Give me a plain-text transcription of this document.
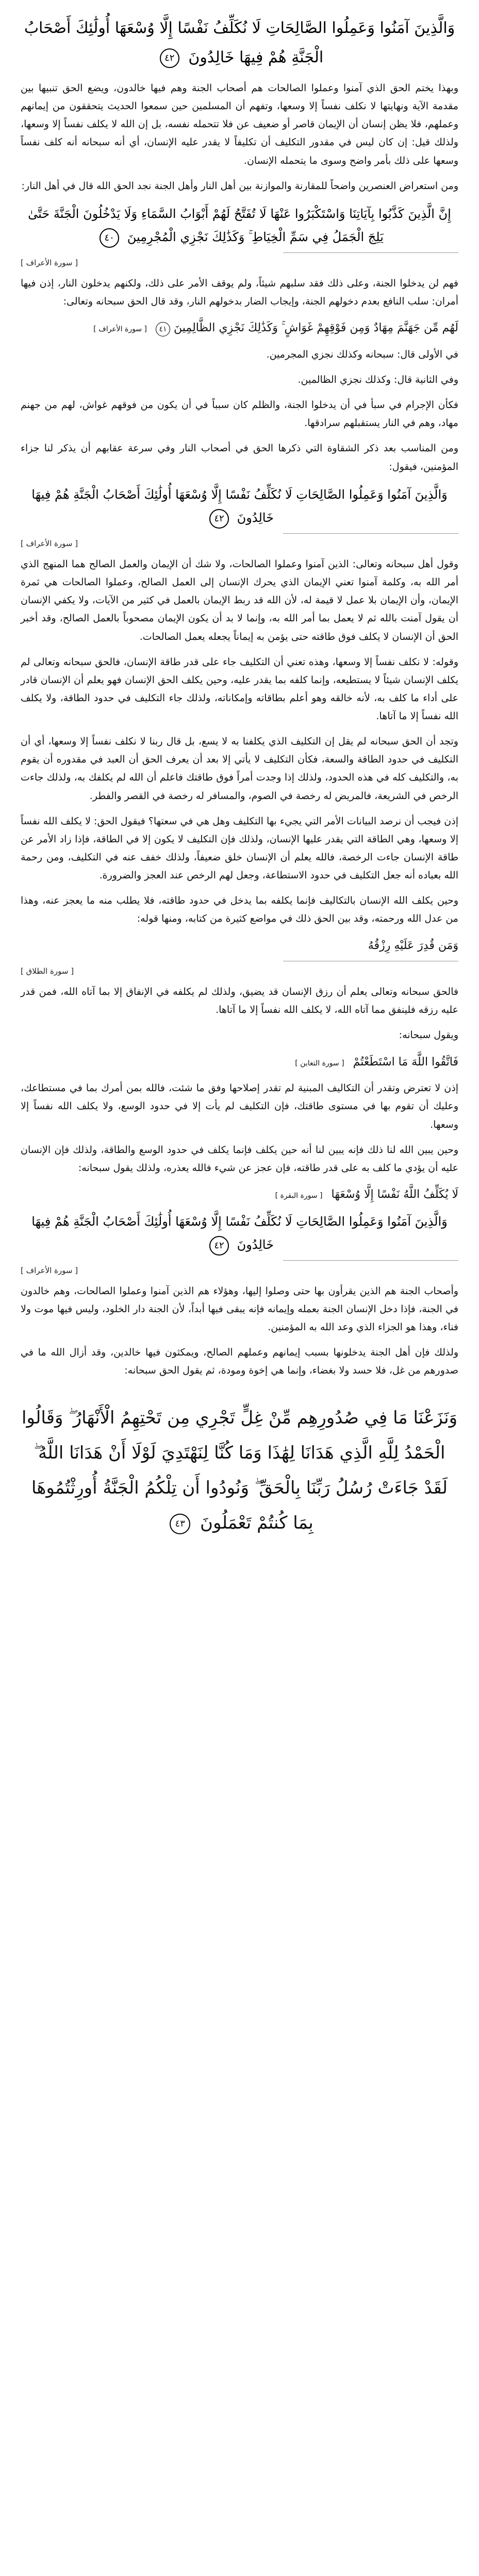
وَالَّذِينَ آمَنُوا وَعَمِلُوا الصَّالِحَاتِ لَا نُكَلِّفُ نَفْسًا إِلَّا وُسْعَهَا أُولَٰئِكَ أَصْحَابُ الْجَنَّةِ هُمْ فِيهَا خَالِدُونَ ٤٢

وبهذا يختم الحق الذي آمنوا وعملوا الصالحات هم أصحاب الجنة وهم فيها خالدون، ويضع الحق تنبيها بين مقدمة الآية ونهايتها لا نكلف نفساً إلا وسعها، وتفهم أن المسلمين حين سمعوا الحديث يتحققون من إيمانهم وعملهم، فلا يظن إنسان أن الإيمان قاصر أو ضعيف عن فلا تتحمله نفسه، بل إن الله لا يكلف نفساً إلا وسعها، ولذلك قيل: إن كان ليس في مقدور التكليف أن تكليفاً لا يقدر عليه الإنسان، أي أنه سبحانه أنه كلف نفساً وسعها على ذلك بأمر واضح وسوى ما يتحمله الإنسان.

ومن استعراض العنصرين واضحاً للمقارنة والموازنة بين أهل النار وأهل الجنة نجد الحق الله قال في أهل النار:

إِنَّ الَّذِينَ كَذَّبُوا بِآيَاتِنَا وَاسْتَكْبَرُوا عَنْهَا لَا تُفَتَّحُ لَهُمْ أَبْوَابُ السَّمَاءِ وَلَا يَدْخُلُونَ الْجَنَّةَ حَتَّىٰ يَلِجَ الْجَمَلُ فِي سَمِّ الْخِيَاطِ ۚ وَكَذَٰلِكَ نَجْزِي الْمُجْرِمِينَ ٤٠
[ سورة الأعراف ]

فهم لن يدخلوا الجنة، وعلى ذلك فقد سلبهم شيئاً، ولم يوقف الأمر على ذلك، ولكنهم يدخلون النار، إذن فيها أمران: سلب النافع بعدم دخولهم الجنة، وإيجاب الضار بدخولهم النار، وقد قال الحق سبحانه وتعالى:

لَهُم مِّن جَهَنَّمَ مِهَادٌ وَمِن فَوْقِهِمْ غَوَاشٍ ۚ وَكَذَٰلِكَ نَجْزِي الظَّالِمِينَ ٤١ [ سورة الأعراف ]

في الأولى قال: سبحانه وكذلك نجزي المجرمين.

وفي الثانية قال: وكذلك نجزي الظالمين.

فكأن الإجرام في سبأ في أن يدخلوا الجنة، والظلم كان سبباً في أن يكون من فوقهم غواش، لهم من جهنم مهاد، وهم في النار يستقبلهم سرادقها.

ومن المناسب بعد ذكر الشقاوة التي ذكرها الحق في أصحاب النار وفي سرعة عقابهم أن يذكر لنا جزاء المؤمنين، فيقول:

وَالَّذِينَ آمَنُوا وَعَمِلُوا الصَّالِحَاتِ لَا نُكَلِّفُ نَفْسًا إِلَّا وُسْعَهَا أُولَٰئِكَ أَصْحَابُ الْجَنَّةِ هُمْ فِيهَا خَالِدُونَ ٤٢
[ سورة الأعراف ]

وقول أهل سبحانه وتعالى: الذين آمنوا وعملوا الصالحات، ولا شك أن الإيمان والعمل الصالح هما المنهج الذي أمر الله به، وكلمة آمنوا تعني الإيمان الذي يحرك الإنسان إلى العمل الصالح، وعملوا الصالحات هي ثمرة الإيمان، وأن الإيمان بلا عمل لا قيمة له، لأن الله قد ربط الإيمان بالعمل في كثير من الآيات، ولا يكفي الإنسان أن يقول آمنت بالله ثم لا يعمل بما أمر الله به، وإنما لا بد أن يكون الإيمان مصحوباً بالعمل الصالح، وقد أخبر الحق أن الإنسان لا يكلف فوق طاقته حتى يؤمن به إيماناً يجعله يعمل الصالحات.

وقوله: لا نكلف نفساً إلا وسعها، وهذه تعني أن التكليف جاء على قدر طاقة الإنسان، فالحق سبحانه وتعالى لم يكلف الإنسان شيئاً لا يستطيعه، وإنما كلفه بما يقدر عليه، وحين يكلف الحق الإنسان فهو يعلم أن الإنسان قادر على أداء ما كلف به، لأنه خالقه وهو أعلم بطاقاته وإمكاناته، ولذلك جاء التكليف في حدود الطاقة، ولا يكلف الله نفساً إلا ما آتاها.

وتجد أن الحق سبحانه لم يقل إن التكليف الذي يكلفنا به لا يسع، بل قال ربنا لا نكلف نفساً إلا وسعها، أي أن التكليف في حدود الطاقة والسعة، فكأن التكليف لا يأتي إلا بعد أن يعرف الحق أن العبد في مقدوره أن يقوم به، والتكليف كله في هذه الحدود، ولذلك إذا وجدت أمراً فوق طاقتك فاعلم أن الله لم يكلفك به، ولذلك جاءت الرخص في الشريعة، فالمريض له رخصة في الصوم، والمسافر له رخصة في القصر والفطر.

إذن فيجب أن نرصد البيانات الأمر التي يجيء بها التكليف وهل هي في سعتها؟ فيقول الحق: لا يكلف الله نفساً إلا وسعها، وهي الطاقة التي يقدر عليها الإنسان، ولذلك فإن التكليف لا يكون إلا في الطاقة، فإذا زاد الأمر عن طاقة الإنسان جاءت الرخصة، فالله يعلم أن الإنسان خلق ضعيفاً، ولذلك خفف عنه في التكليف، ومن رحمة الله بعباده أنه جعل التكليف في حدود الاستطاعة، وجعل لهم الرخص عند العجز والضرورة.

وحين يكلف الله الإنسان بالتكاليف فإنما يكلفه بما يدخل في حدود طاقته، فلا يطلب منه ما يعجز عنه، وهذا من عدل الله ورحمته، وقد بين الحق ذلك في مواضع كثيرة من كتابه، ومنها قوله:

وَمَن قُدِرَ عَلَيْهِ رِزْقُهُ
[ سورة الطلاق ]

فالحق سبحانه وتعالى يعلم أن رزق الإنسان قد يضيق، ولذلك لم يكلفه في الإنفاق إلا بما آتاه الله، فمن قدر عليه رزقه فلينفق مما آتاه الله، لا يكلف الله نفساً إلا ما آتاها.

ويقول سبحانه:

فَاتَّقُوا اللَّهَ مَا اسْتَطَعْتُمْ [ سورة التغابن ]

إذن لا تعترض وتقدر أن التكاليف المبنية لم تقدر إصلاحها وفق ما شئت، فالله بمن أمرك بما في مستطاعك، وعليك أن تقوم بها في مستوى طاقتك، فإن التكليف لم يأت إلا في حدود الوسع، ولا يكلف الله نفساً إلا وسعها.

وحين يبين الله لنا ذلك فإنه يبين لنا أنه حين يكلف فإنما يكلف في حدود الوسع والطاقة، ولذلك فإن الإنسان عليه أن يؤدي ما كلف به على قدر طاقته، فإن عجز عن شيء فالله يعذره، ولذلك يقول سبحانه:

لَا يُكَلِّفُ اللَّهُ نَفْسًا إِلَّا وُسْعَهَا [ سورة البقرة ]
وَالَّذِينَ آمَنُوا وَعَمِلُوا الصَّالِحَاتِ لَا نُكَلِّفُ نَفْسًا إِلَّا وُسْعَهَا أُولَٰئِكَ أَصْحَابُ الْجَنَّةِ هُمْ فِيهَا خَالِدُونَ ٤٢
[ سورة الأعراف ]

وأصحاب الجنة هم الذين يقرأون بها حتى وصلوا إليها، وهؤلاء هم الذين آمنوا وعملوا الصالحات، وهم خالدون في الجنة، فإذا دخل الإنسان الجنة بعمله وإيمانه فإنه يبقى فيها أبداً، لأن الجنة دار الخلود، وليس فيها موت ولا فناء، وهذا هو الجزاء الذي وعد الله به المؤمنين.

ولذلك فإن أهل الجنة يدخلونها بسبب إيمانهم وعملهم الصالح، ويمكثون فيها خالدين، وقد أزال الله ما في صدورهم من غل، فلا حسد ولا بغضاء، وإنما هي إخوة ومودة، ثم يقول الحق سبحانه:

وَنَزَعْنَا مَا فِي صُدُورِهِم مِّنْ غِلٍّ تَجْرِي مِن تَحْتِهِمُ الْأَنْهَارُ ۖ وَقَالُوا الْحَمْدُ لِلَّهِ الَّذِي هَدَانَا لِهَٰذَا وَمَا كُنَّا لِنَهْتَدِيَ لَوْلَا أَنْ هَدَانَا اللَّهُ ۖ لَقَدْ جَاءَتْ رُسُلُ رَبِّنَا بِالْحَقِّ ۖ وَنُودُوا أَن تِلْكُمُ الْجَنَّةُ أُورِثْتُمُوهَا بِمَا كُنتُمْ تَعْمَلُونَ ٤٣
